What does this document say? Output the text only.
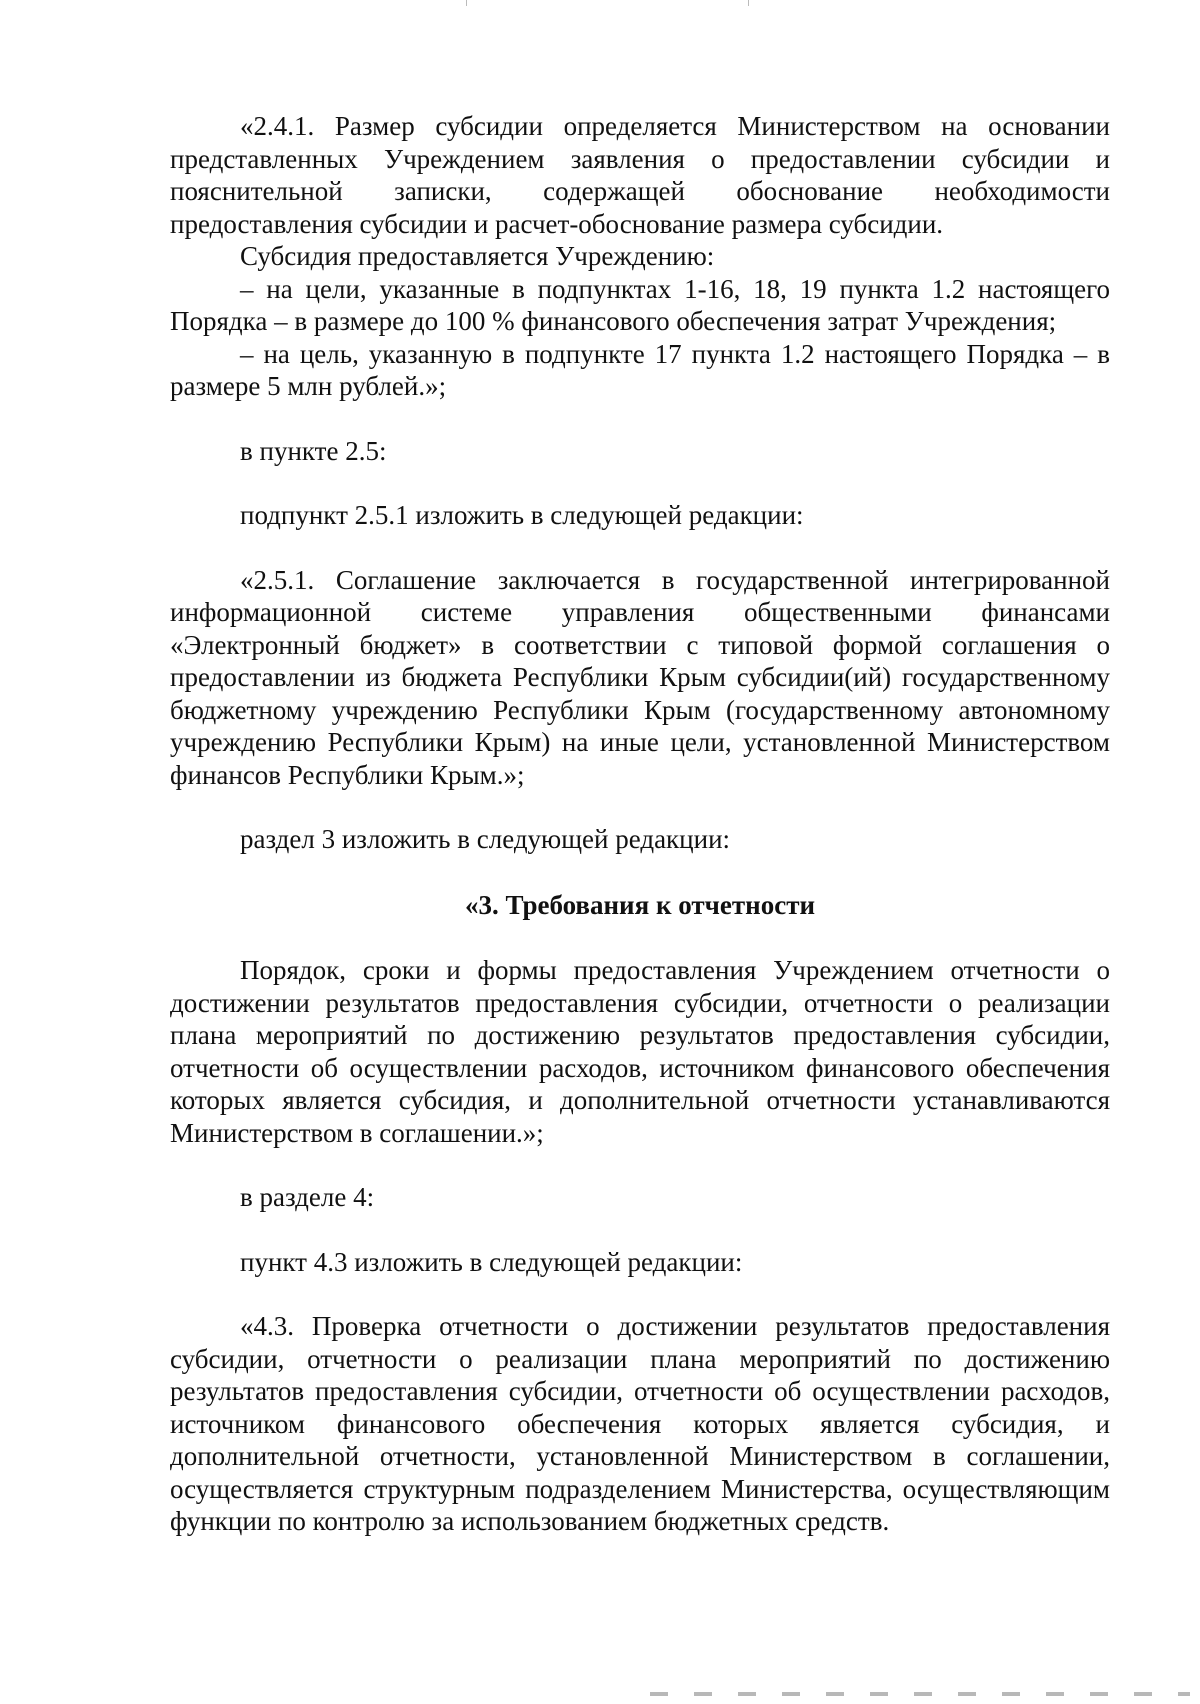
«2.4.1. Размер субсидии определяется Министерством на основании представленных Учреждением заявления о предоставлении субсидии и пояснительной записки, содержащей обоснование необходимости предоставления субсидии и расчет-обоснование размера субсидии.

Субсидия предоставляется Учреждению:

– на цели, указанные в подпунктах 1-16, 18, 19 пункта 1.2 настоящего Порядка – в размере до 100 % финансового обеспечения затрат Учреждения;

– на цель, указанную в подпункте 17 пункта 1.2 настоящего Порядка – в размере 5 млн рублей.»;

в пункте 2.5:

подпункт 2.5.1 изложить в следующей редакции:

«2.5.1. Соглашение заключается в государственной интегрированной информационной системе управления общественными финансами «Электронный бюджет» в соответствии с типовой формой соглашения о предоставлении из бюджета Республики Крым субсидии(ий) государственному бюджетному учреждению Республики Крым (государственному автономному учреждению Республики Крым) на иные цели, установленной Министерством финансов Республики Крым.»;

раздел 3 изложить в следующей редакции:

«3. Требования к отчетности

Порядок, сроки и формы предоставления Учреждением отчетности о достижении результатов предоставления субсидии, отчетности о реализации плана мероприятий по достижению результатов предоставления субсидии, отчетности об осуществлении расходов, источником финансового обеспечения которых является субсидия, и дополнительной отчетности устанавливаются Министерством в соглашении.»;

в разделе 4:

пункт 4.3 изложить в следующей редакции:

«4.3. Проверка отчетности о достижении результатов предоставления субсидии, отчетности о реализации плана мероприятий по достижению результатов предоставления субсидии, отчетности об осуществлении расходов, источником финансового обеспечения которых является субсидия, и дополнительной отчетности, установленной Министерством в соглашении, осуществляется структурным подразделением Министерства, осуществляющим функции по контролю за использованием бюджетных средств.
